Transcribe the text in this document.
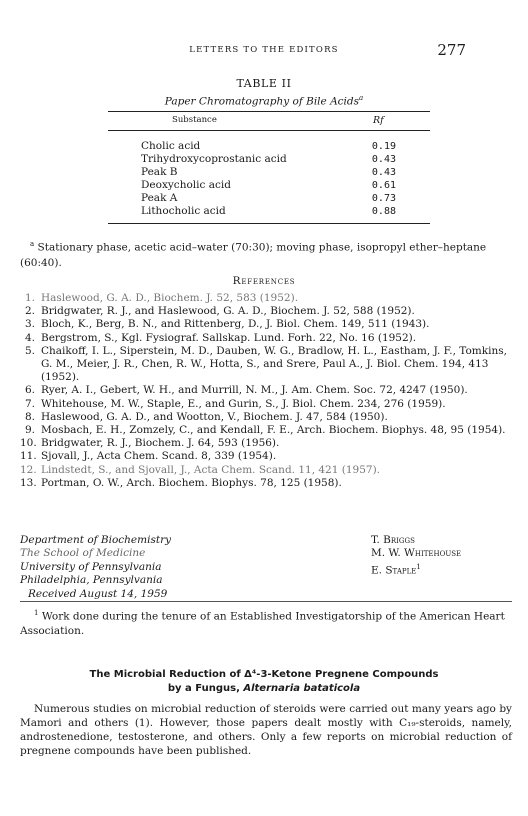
LETTERS TO THE EDITORS	277
TABLE II
Paper Chromatography of Bile Acids$^a$
Substance	Rf
Cholic acid	0.19
Trihydroxycoprostanic acid	0.43
Peak B	0.43
Deoxycholic acid	0.61
Peak A	0.73
Lithocholic acid	0.88
$^a$ Stationary phase, acetic acid–water (70:30); moving phase, isopropyl ether–heptane (60:40).
References
1. Haslewood, G. A. D., Biochem. J. 52, 583 (1952).
2. Bridgwater, R. J., and Haslewood, G. A. D., Biochem. J. 52, 588 (1952).
3. Bloch, K., Berg, B. N., and Rittenberg, D., J. Biol. Chem. 149, 511 (1943).
4. Bergstrom, S., Kgl. Fysiograf. Sallskap. Lund. Forh. 22, No. 16 (1952).
5. Chaikoff, I. L., Siperstein, M. D., Dauben, W. G., Bradlow, H. L., Eastham, J. F., Tomkins, G. M., Meier, J. R., Chen, R. W., Hotta, S., and Srere, Paul A., J. Biol. Chem. 194, 413 (1952).
6. Ryer, A. I., Gebert, W. H., and Murrill, N. M., J. Am. Chem. Soc. 72, 4247 (1950).
7. Whitehouse, M. W., Staple, E., and Gurin, S., J. Biol. Chem. 234, 276 (1959).
8. Haslewood, G. A. D., and Wootton, V., Biochem. J. 47, 584 (1950).
9. Mosbach, E. H., Zomzely, C., and Kendall, F. E., Arch. Biochem. Biophys. 48, 95 (1954).
10. Bridgwater, R. J., Biochem. J. 64, 593 (1956).
11. Sjovall, J., Acta Chem. Scand. 8, 339 (1954).
12. Lindstedt, S., and Sjovall, J., Acta Chem. Scand. 11, 421 (1957).
13. Portman, O. W., Arch. Biochem. Biophys. 78, 125 (1958).
Department of Biochemistry
The School of Medicine
University of Pennsylvania
Philadelphia, Pennsylvania
Received August 14, 1959
T. Briggs
M. W. Whitehouse
E. Staple$^1$
$^1$ Work done during the tenure of an Established Investigatorship of the American Heart Association.
The Microbial Reduction of Δ⁴-3-Ketone Pregnene Compounds
by a Fungus, Alternaria bataticola
Numerous studies on microbial reduction of steroids were carried out many years ago by Mamori and others (1). However, those papers dealt mostly with C₁₉-steroids, namely, androstenedione, testosterone, and others. Only a few reports on microbial reduction of pregnene compounds have been published.
